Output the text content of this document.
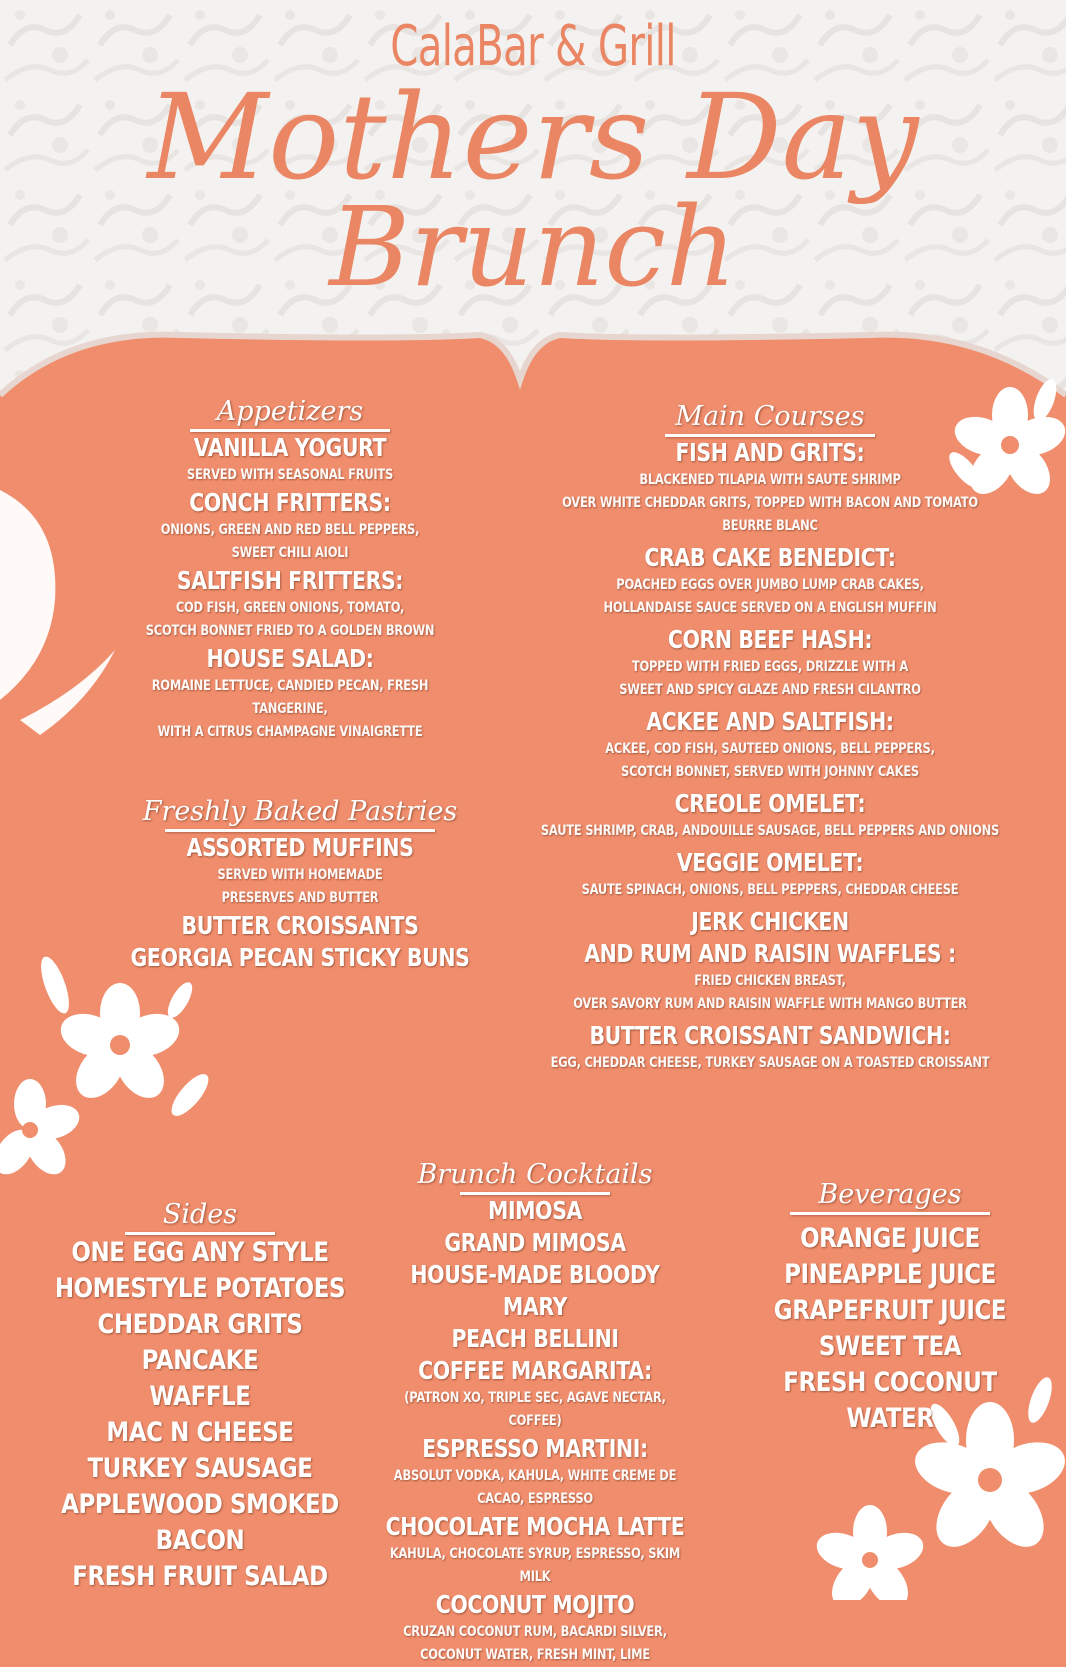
CalaBar & Grill
Mothers Day
Brunch
Appetizers
VANILLA YOGURT
SERVED WITH SEASONAL FRUITS
CONCH FRITTERS:
ONIONS, GREEN AND RED BELL PEPPERS,
SWEET CHILI AIOLI
SALTFISH FRITTERS:
COD FISH, GREEN ONIONS, TOMATO,
SCOTCH BONNET FRIED TO A GOLDEN BROWN
HOUSE SALAD:
ROMAINE LETTUCE, CANDIED PECAN, FRESH TANGERINE,
WITH A CITRUS CHAMPAGNE VINAIGRETTE
Freshly Baked Pastries
ASSORTED MUFFINS
SERVED WITH HOMEMADE
PRESERVES AND BUTTER
BUTTER CROISSANTS
GEORGIA PECAN STICKY BUNS
Main Courses
FISH AND GRITS:
BLACKENED TILAPIA WITH SAUTE SHRIMP
OVER WHITE CHEDDAR GRITS, TOPPED WITH BACON AND TOMATO BEURRE BLANC
CRAB CAKE BENEDICT:
POACHED EGGS OVER JUMBO LUMP CRAB CAKES,
HOLLANDAISE SAUCE SERVED ON A ENGLISH MUFFIN
CORN BEEF HASH:
TOPPED WITH FRIED EGGS, DRIZZLE WITH A
SWEET AND SPICY GLAZE AND FRESH CILANTRO
ACKEE AND SALTFISH:
ACKEE, COD FISH, SAUTEED ONIONS, BELL PEPPERS,
SCOTCH BONNET, SERVED WITH JOHNNY CAKES
CREOLE OMELET:
SAUTE SHRIMP, CRAB, ANDOUILLE SAUSAGE, BELL PEPPERS AND ONIONS
VEGGIE OMELET:
SAUTE SPINACH, ONIONS, BELL PEPPERS, CHEDDAR CHEESE
JERK CHICKEN
AND RUM AND RAISIN WAFFLES :
FRIED CHICKEN BREAST,
OVER SAVORY RUM AND RAISIN WAFFLE WITH MANGO BUTTER
BUTTER CROISSANT SANDWICH:
EGG, CHEDDAR CHEESE, TURKEY SAUSAGE ON A TOASTED CROISSANT
Sides
ONE EGG ANY STYLE
HOMESTYLE POTATOES
CHEDDAR GRITS
PANCAKE
WAFFLE
MAC N CHEESE
TURKEY SAUSAGE
APPLEWOOD SMOKED BACON
FRESH FRUIT SALAD
Brunch Cocktails
MIMOSA
GRAND MIMOSA
HOUSE-MADE BLOODY MARY
PEACH BELLINI
COFFEE MARGARITA:
(PATRON XO, TRIPLE SEC, AGAVE NECTAR, COFFEE)
ESPRESSO MARTINI:
ABSOLUT VODKA, KAHULA, WHITE CREME DE CACAO, ESPRESSO
CHOCOLATE MOCHA LATTE
KAHULA, CHOCOLATE SYRUP, ESPRESSO, SKIM MILK
COCONUT MOJITO
CRUZAN COCONUT RUM, BACARDI SILVER,
COCONUT WATER, FRESH MINT, LIME
Beverages
ORANGE JUICE
PINEAPPLE JUICE
GRAPEFRUIT JUICE
SWEET TEA
FRESH COCONUT WATER
